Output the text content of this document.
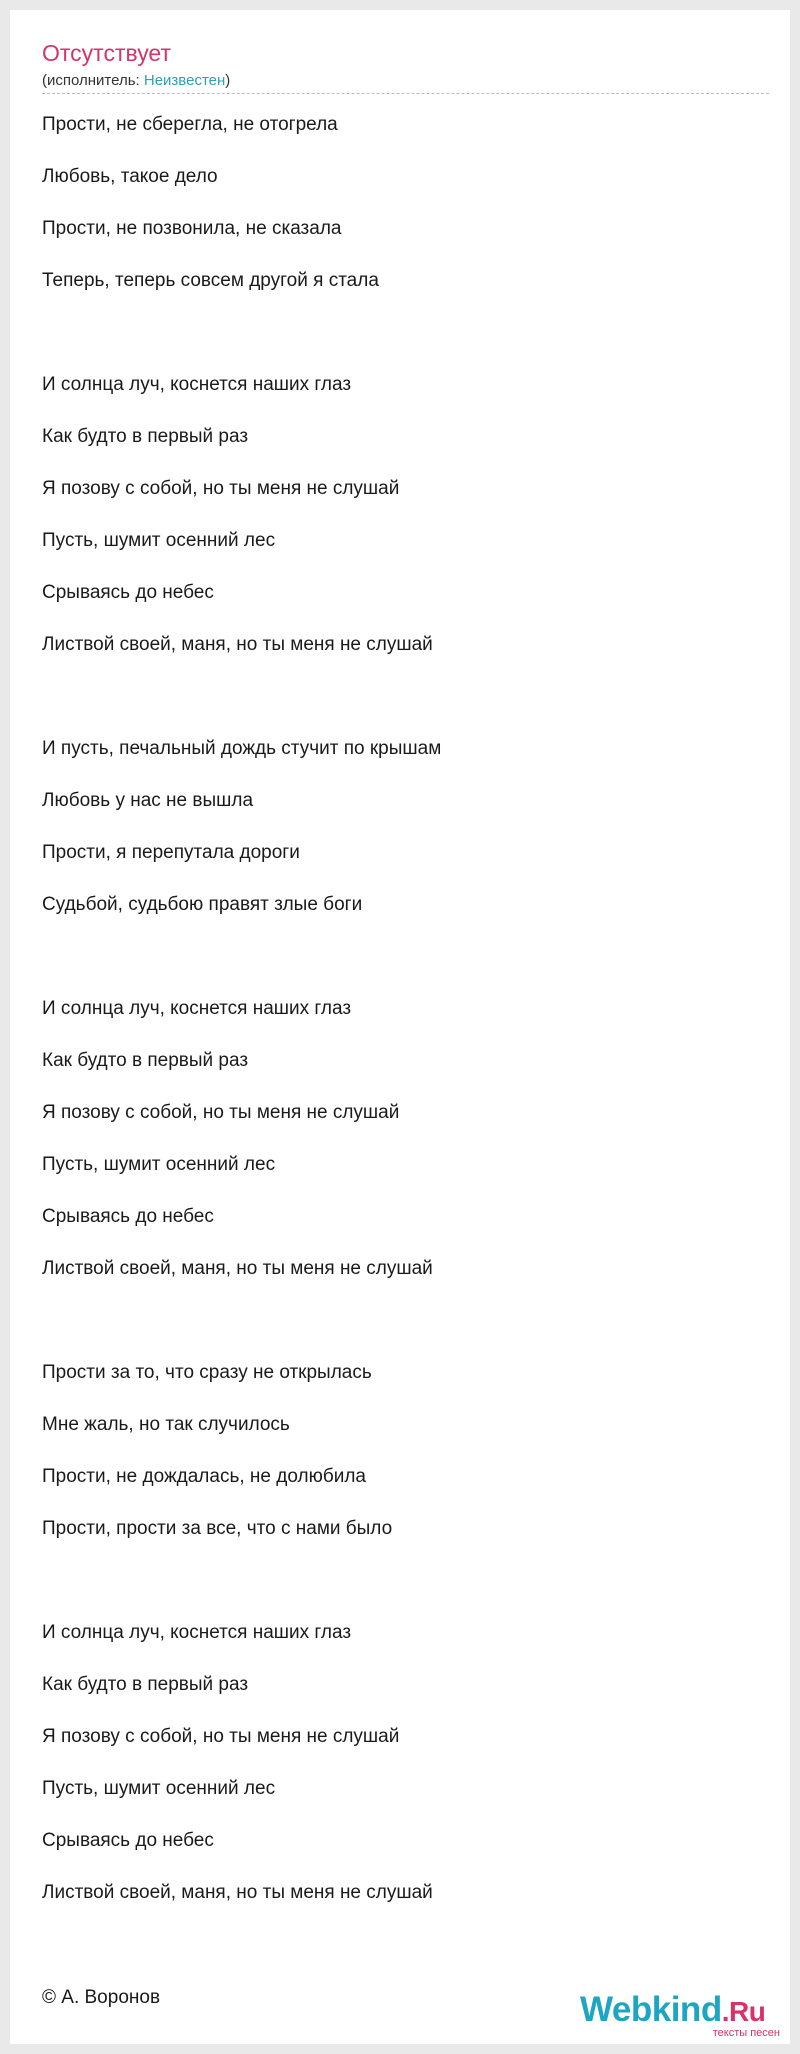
Отсутствует
(исполнитель: Неизвестен)
Прости, не сберегла, не отогрела
Любовь, такое дело
Прости, не позвонила, не сказала
Теперь, теперь совсем другой я стала
И солнца луч, коснется наших глаз
Как будто в первый раз
Я позову с собой, но ты меня не слушай
Пусть, шумит осенний лес
Срываясь до небес
Листвой своей, маня, но ты меня не слушай
И пусть, печальный дождь стучит по крышам
Любовь у нас не вышла
Прости, я перепутала дороги
Судьбой, судьбою правят злые боги
И солнца луч, коснется наших глаз
Как будто в первый раз
Я позову с собой, но ты меня не слушай
Пусть, шумит осенний лес
Срываясь до небес
Листвой своей, маня, но ты меня не слушай
Прости за то, что сразу не открылась
Мне жаль, но так случилось
Прости, не дождалась, не долюбила
Прости, прости за все, что с нами было
И солнца луч, коснется наших глаз
Как будто в первый раз
Я позову с собой, но ты меня не слушай
Пусть, шумит осенний лес
Срываясь до небес
Листвой своей, маня, но ты меня не слушай
© А. Воронов	Webkind.Ru
тексты песен
